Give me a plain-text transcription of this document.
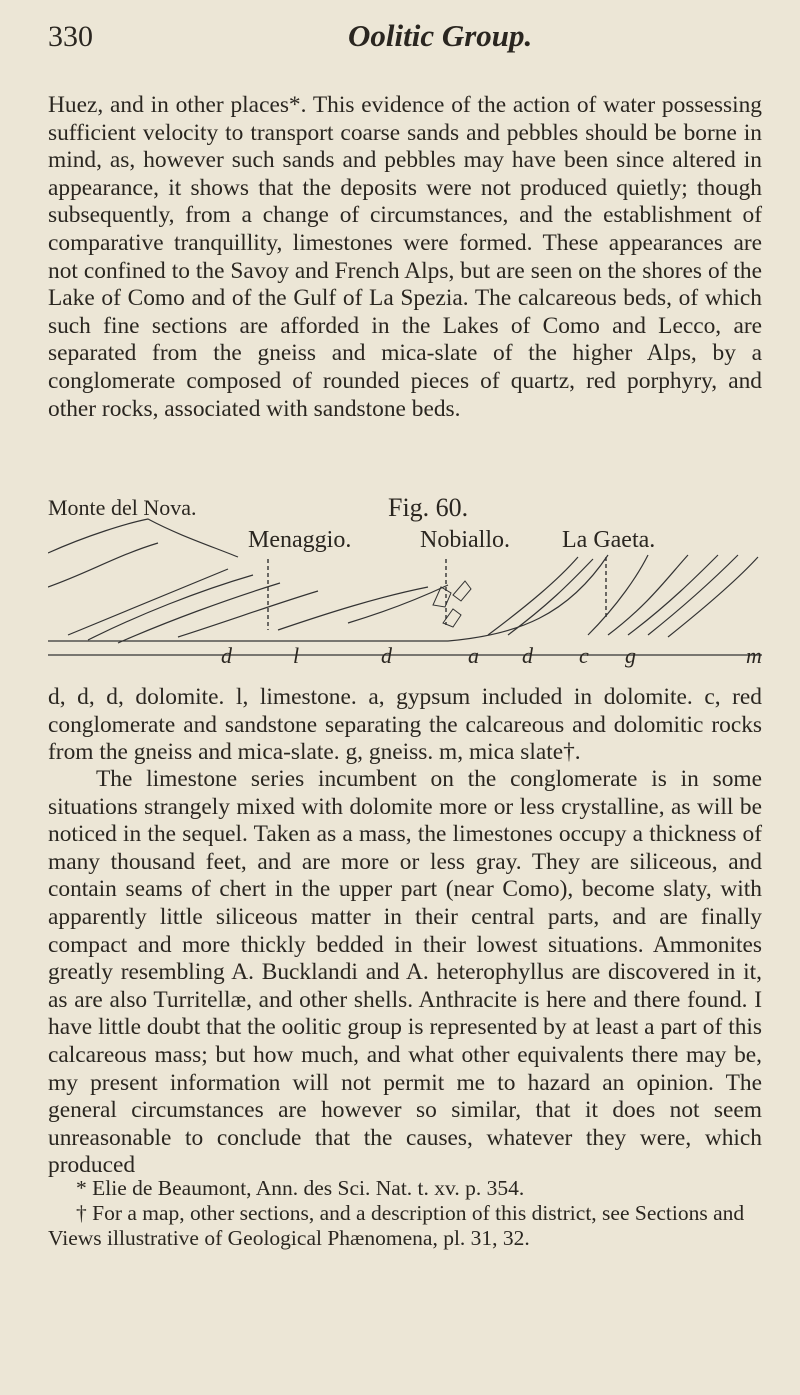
330	Oolitic Group.

Huez, and in other places*. This evidence of the action of water possessing sufficient velocity to transport coarse sands and pebbles should be borne in mind, as, however such sands and pebbles may have been since altered in appearance, it shows that the deposits were not produced quietly; though subsequently, from a change of circumstances, and the establishment of comparative tranquillity, limestones were formed. These appearances are not confined to the Savoy and French Alps, but are seen on the shores of the Lake of Como and of the Gulf of La Spezia. The calcareous beds, of which such fine sections are afforded in the Lakes of Como and Lecco, are separated from the gneiss and mica-slate of the higher Alps, by a conglomerate composed of rounded pieces of quartz, red porphyry, and other rocks, associated with sandstone beds.

Monte del Nova.	Fig. 60.
Menaggio.	Nobiallo. La Gaeta.
d	l	d	a d c g	m

d, d, d, dolomite. l, limestone. a, gypsum included in dolomite. c, red conglomerate and sandstone separating the calcareous and dolomitic rocks from the gneiss and mica-slate. g, gneiss. m, mica slate†.

The limestone series incumbent on the conglomerate is in some situations strangely mixed with dolomite more or less crystalline, as will be noticed in the sequel. Taken as a mass, the limestones occupy a thickness of many thousand feet, and are more or less gray. They are siliceous, and contain seams of chert in the upper part (near Como), become slaty, with apparently little siliceous matter in their central parts, and are finally compact and more thickly bedded in their lowest situations. Ammonites greatly resembling A. Bucklandi and A. heterophyllus are discovered in it, as are also Turritellæ, and other shells. Anthracite is here and there found. I have little doubt that the oolitic group is represented by at least a part of this calcareous mass; but how much, and what other equivalents there may be, my present information will not permit me to hazard an opinion. The general circumstances are however so similar, that it does not seem unreasonable to conclude that the causes, whatever they were, which produced

* Elie de Beaumont, Ann. des Sci. Nat. t. xv. p. 354.

† For a map, other sections, and a description of this district, see Sections and Views illustrative of Geological Phænomena, pl. 31, 32.
